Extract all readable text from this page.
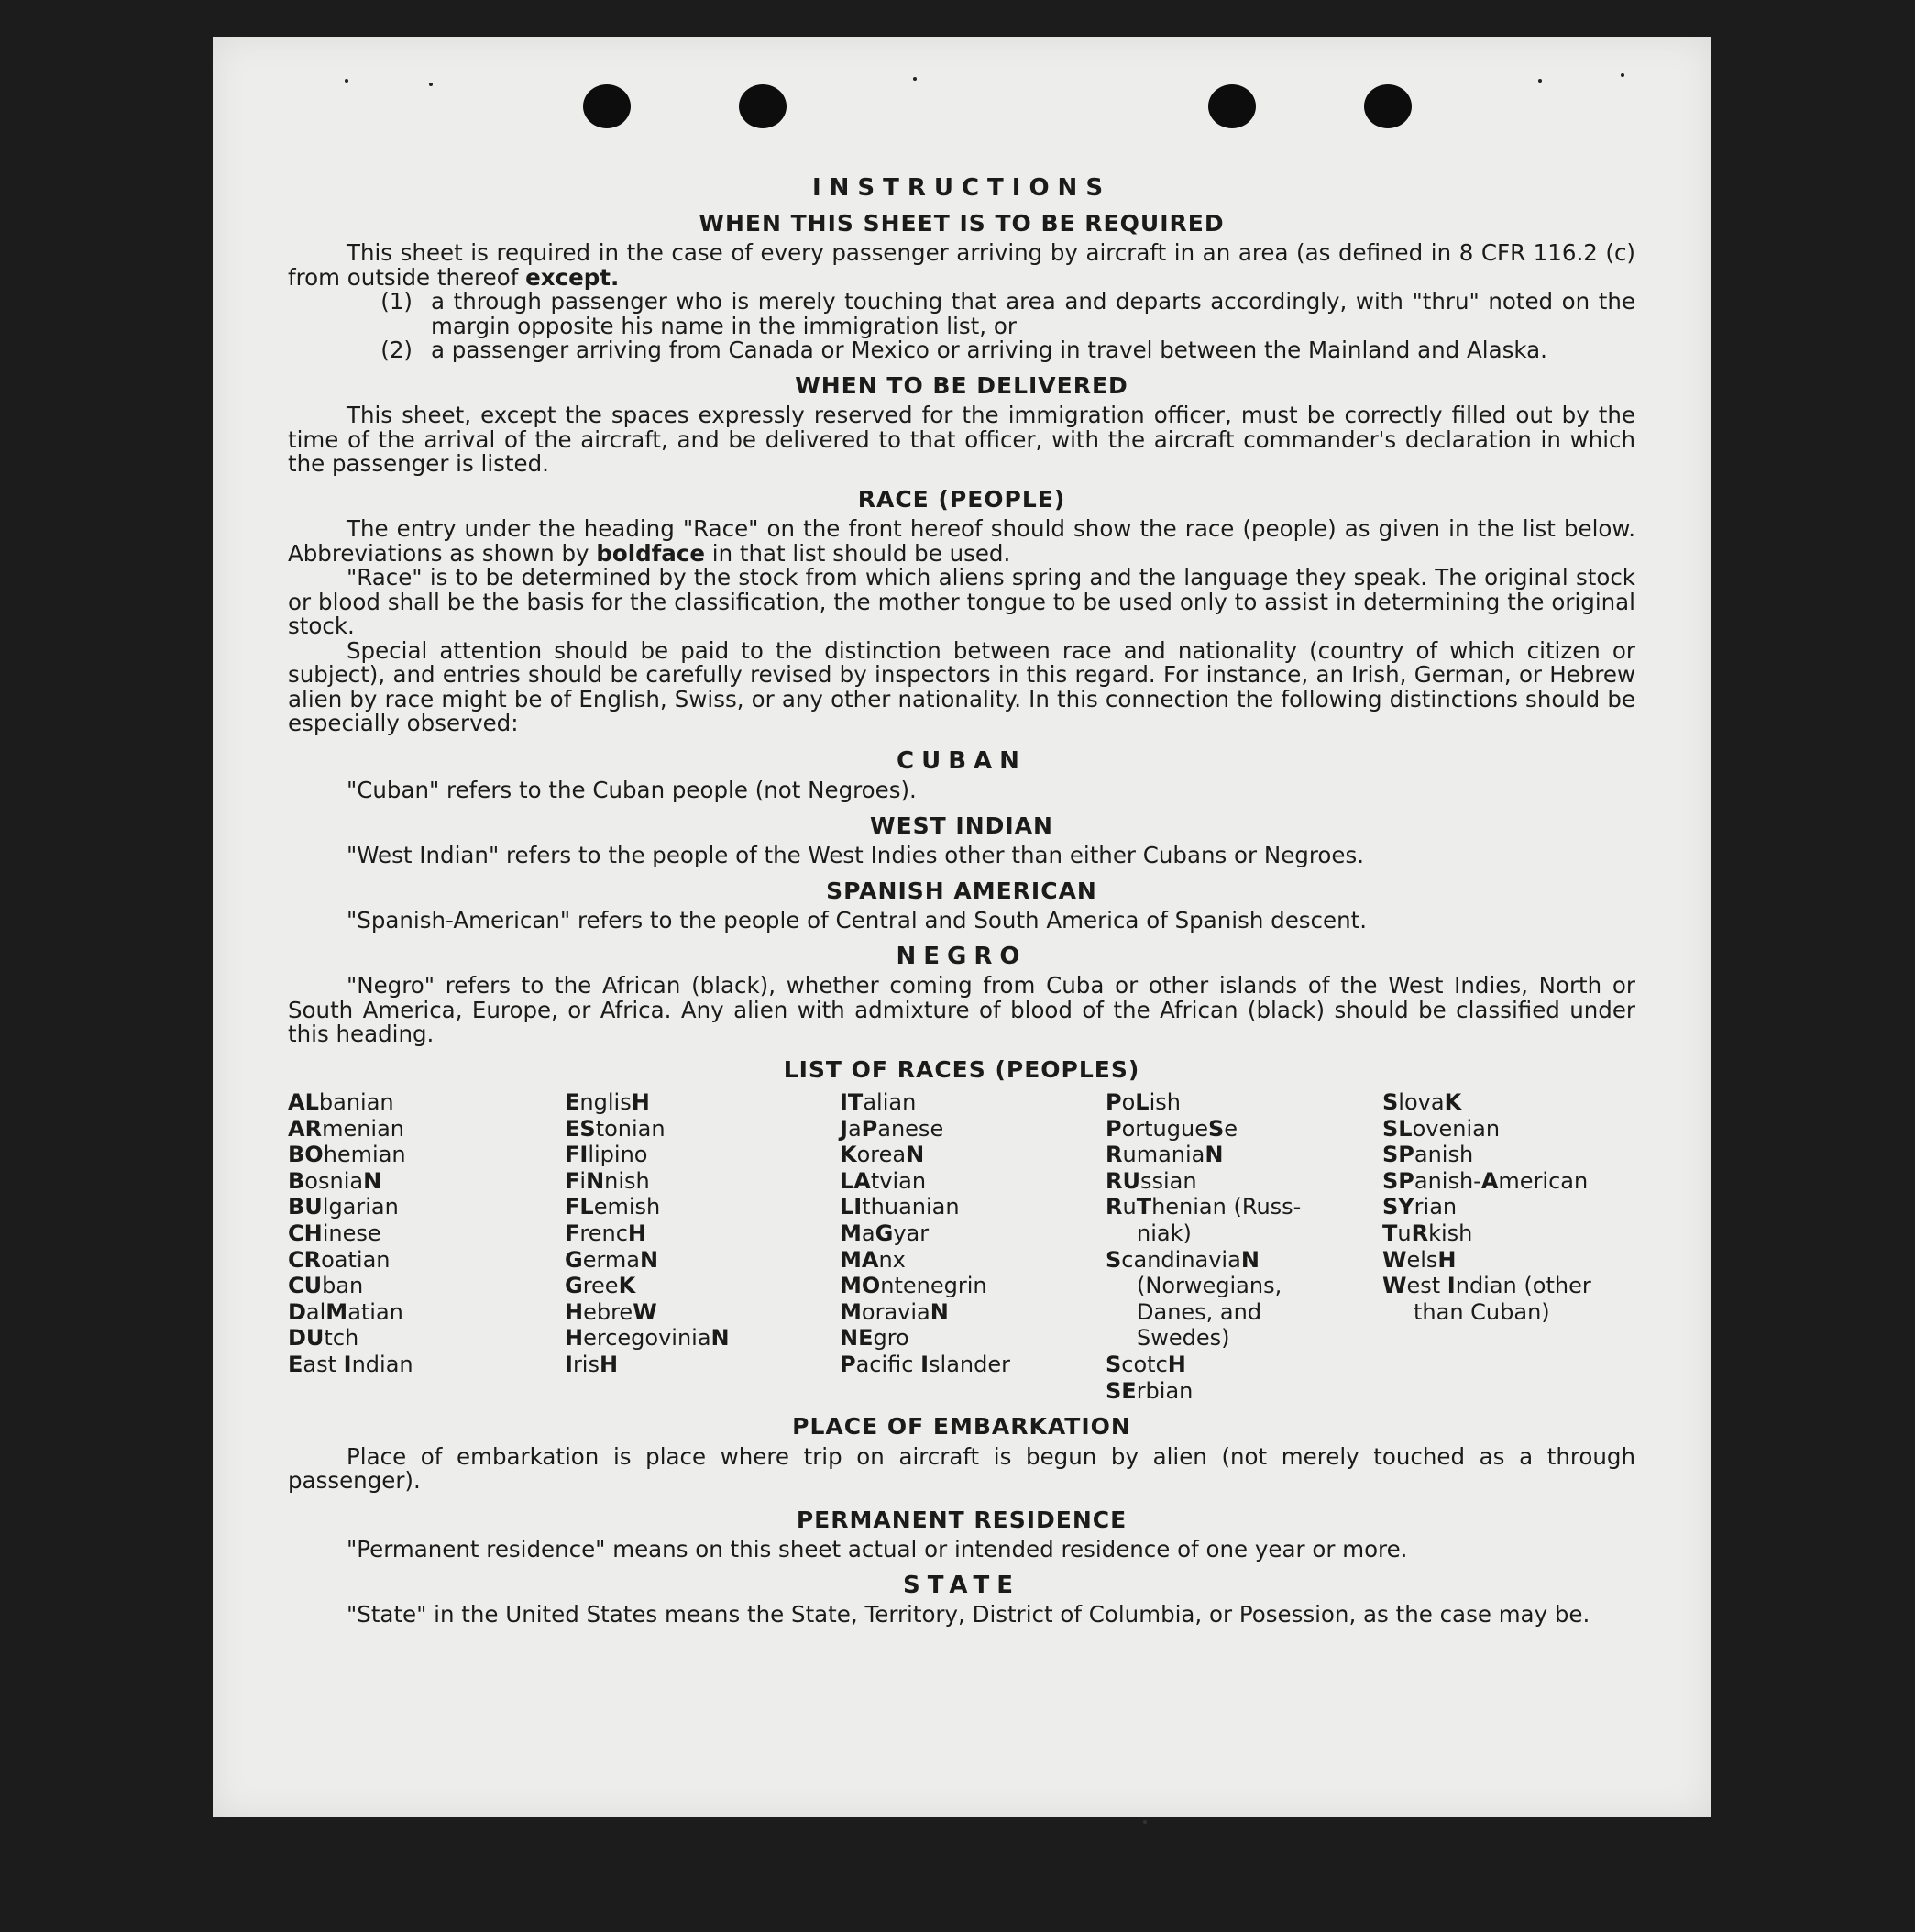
INSTRUCTIONS
WHEN THIS SHEET IS TO BE REQUIRED

This sheet is required in the case of every passenger arriving by aircraft in an area (as defined in 8 CFR 116.2 (c) from outside thereof except.

(1) a through passenger who is merely touching that area and departs accordingly, with "thru" noted on the margin opposite his name in the immigration list, or
(2) a passenger arriving from Canada or Mexico or arriving in travel between the Mainland and Alaska.
WHEN TO BE DELIVERED

This sheet, except the spaces expressly reserved for the immigration officer, must be correctly filled out by the time of the arrival of the aircraft, and be delivered to that officer, with the aircraft commander's declaration in which the passenger is listed.

RACE (PEOPLE)

The entry under the heading "Race" on the front hereof should show the race (people) as given in the list below. Abbreviations as shown by boldface in that list should be used.

"Race" is to be determined by the stock from which aliens spring and the language they speak. The original stock or blood shall be the basis for the classification, the mother tongue to be used only to assist in determining the original stock.

Special attention should be paid to the distinction between race and nationality (country of which citizen or subject), and entries should be carefully revised by inspectors in this regard. For instance, an Irish, German, or Hebrew alien by race might be of English, Swiss, or any other nationality. In this connection the following distinctions should be especially observed:

CUBAN

"Cuban" refers to the Cuban people (not Negroes).

WEST INDIAN

"West Indian" refers to the people of the West Indies other than either Cubans or Negroes.

SPANISH AMERICAN

"Spanish-American" refers to the people of Central and South America of Spanish descent.

NEGRO

"Negro" refers to the African (black), whether coming from Cuba or other islands of the West Indies, North or South America, Europe, or Africa. Any alien with admixture of blood of the African (black) should be classified under this heading.

LIST OF RACES (PEOPLES)
ALbanian
ARmenian
BOhemian
BosniaN
BUlgarian
CHinese
CRoatian
CUban
DalMatian
DUtch
East Indian
EnglisH
EStonian
FIlipino
FiNnish
FLemish
FrencH
GermaN
GreeK
HebreW
HercegoviniaN
IrisH
ITalian
JaPanese
KoreaN
LAtvian
LIthuanian
MaGyar
MAnx
MOntenegrin
MoraviaN
NEgro
Pacific Islander
PoLish
PortugueSe
RumaniaN
RUssian
RuThenian (Russ-
niak)
ScandinaviaN
(Norwegians,
Danes, and
Swedes)
ScotcH
SErbian
SlovaK
SLovenian
SPanish
SPanish-American
SYrian
TuRkish
WelsH
West Indian (other
than Cuban)
PLACE OF EMBARKATION

Place of embarkation is place where trip on aircraft is begun by alien (not merely touched as a through passenger).

PERMANENT RESIDENCE

"Permanent residence" means on this sheet actual or intended residence of one year or more.

STATE

"State" in the United States means the State, Territory, District of Columbia, or Posession, as the case may be.
